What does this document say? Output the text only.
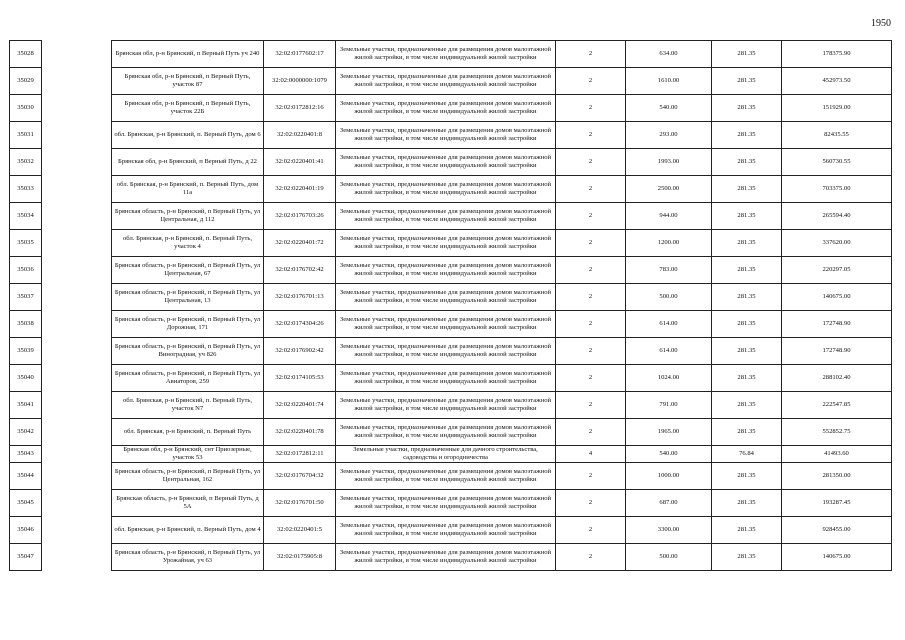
1950
35028		Брянская обл, р-н Брянский, п Верный Путь уч 240	32:02:0177602:17	Земельные участки, предназначенные для размещения домов малоэтажной жилой застройки, в том числе индивидуальной жилой застройки	2	634.00	281.35	178375.90
35029		Брянская обл, р-н Брянский, п Верный Путь, участок 87	32:02:0000000:1079	Земельные участки, предназначенные для размещения домов малоэтажной жилой застройки, в том числе индивидуальной жилой застройки	2	1610.00	281.35	452973.50
35030		Брянская обл, р-н Брянский, п Верный Путь, участок 22Б	32:02:0172812:16	Земельные участки, предназначенные для размещения домов малоэтажной жилой застройки, в том числе индивидуальной жилой застройки	2	540.00	281.35	151929.00
35031		обл. Брянская, р-н Брянский, п. Верный Путь, дом 6	32:02:0220401:8	Земельные участки, предназначенные для размещения домов малоэтажной жилой застройки, в том числе индивидуальной жилой застройки	2	293.00	281.35	82435.55
35032		Брянская обл, р-н Брянский, п Верный Путь, д 22	32:02:0220401:41	Земельные участки, предназначенные для размещения домов малоэтажной жилой застройки, в том числе индивидуальной жилой застройки	2	1993.00	281.35	560730.55
35033		обл. Брянская, р-н Брянский, п. Верный Путь, дом 11а	32:02:0220401:19	Земельные участки, предназначенные для размещения домов малоэтажной жилой застройки, в том числе индивидуальной жилой застройки	2	2500.00	281.35	703375.00
35034		Брянская область, р-н Брянский, п Верный Путь, ул Центральная, д 112	32:02:0176703:26	Земельные участки, предназначенные для размещения домов малоэтажной жилой застройки, в том числе индивидуальной жилой застройки	2	944.00	281.35	265594.40
35035		обл. Брянская, р-н Брянский, п. Верный Путь, участок 4	32:02:0220401:72	Земельные участки, предназначенные для размещения домов малоэтажной жилой застройки, в том числе индивидуальной жилой застройки	2	1200.00	281.35	337620.00
35036		Брянская область, р-н Брянский, п Верный Путь, ул Центральная, 67	32:02:0176702:42	Земельные участки, предназначенные для размещения домов малоэтажной жилой застройки, в том числе индивидуальной жилой застройки	2	783.00	281.35	220297.05
35037		Брянская область, р-н Брянский, п Верный Путь, ул Центральная, 13	32:02:0176701:13	Земельные участки, предназначенные для размещения домов малоэтажной жилой застройки, в том числе индивидуальной жилой застройки	2	500.00	281.35	140675.00
35038		Брянская область, р-н Брянский, п Верный Путь, ул Дорожная, 171	32:02:0174304:26	Земельные участки, предназначенные для размещения домов малоэтажной жилой застройки, в том числе индивидуальной жилой застройки	2	614.00	281.35	172748.90
35039		Брянская область, р-н Брянский, п Верный Путь, ул Виноградная, уч 826	32:02:0176902:42	Земельные участки, предназначенные для размещения домов малоэтажной жилой застройки, в том числе индивидуальной жилой застройки	2	614.00	281.35	172748.90
35040		Брянская область, р-н Брянский, п Верный Путь, ул Авиаторов, 259	32:02:0174105:53	Земельные участки, предназначенные для размещения домов малоэтажной жилой застройки, в том числе индивидуальной жилой застройки	2	1024.00	281.35	288102.40
35041		обл. Брянская, р-н Брянский, п. Верный Путь, участок N7	32:02:0220401:74	Земельные участки, предназначенные для размещения домов малоэтажной жилой застройки, в том числе индивидуальной жилой застройки	2	791.00	281.35	222547.85
35042		обл. Брянская, р-н Брянский, п. Верный Путь	32:02:0220401:78	Земельные участки, предназначенные для размещения домов малоэтажной жилой застройки, в том числе индивидуальной жилой застройки	2	1965.00	281.35	552852.75
35043		Брянская обл, р-н Брянский, снт Приозерные, участок 53	32:02:0172812:11	Земельные участки, предназначенные для дачного строительства, садоводства и огородничества	4	540.00	76.84	41493.60
35044		Брянская область, р-н Брянский, п Верный Путь, ул Центральная, 162	32:02:0176704:32	Земельные участки, предназначенные для размещения домов малоэтажной жилой застройки, в том числе индивидуальной жилой застройки	2	1000.00	281.35	281350.00
35045		Брянская область, р-н Брянский, п Верный Путь, д 5А	32:02:0176701:50	Земельные участки, предназначенные для размещения домов малоэтажной жилой застройки, в том числе индивидуальной жилой застройки	2	687.00	281.35	193287.45
35046		обл. Брянская, р-н Брянский, п. Верный Путь, дом 4	32:02:0220401:5	Земельные участки, предназначенные для размещения домов малоэтажной жилой застройки, в том числе индивидуальной жилой застройки	2	3300.00	281.35	928455.00
35047		Брянская область, р-н Брянский, п Верный Путь, ул Урожайная, уч 63	32:02:0175905:8	Земельные участки, предназначенные для размещения домов малоэтажной жилой застройки, в том числе индивидуальной жилой застройки	2	500.00	281.35	140675.00
